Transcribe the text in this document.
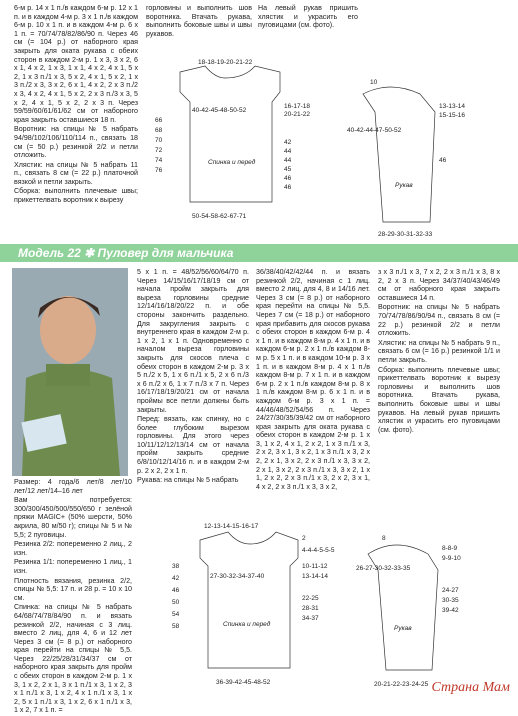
6-м р. 14 х 1 п./в каждом 6-м р. 12 х 1 п. и в каждом 4-м р. 3 х 1 п./в каждом 6-м р. 10 х 1 п. и в каждом 4-м р. 6 х 1 п. = 70/74/78/82/86/90 п. Через 46 см (= 104 р.) от наборного края закрыть для оката рукава с обеих сторон в каждом 2-м р. 1 х 3, 3 х 2, 6 х 1, 4 х 2, 1 х 3, 1 х 1, 4 х 2, 4 х 1, 5 х 2, 1 х 3 п./1 х 3, 5 х 2, 4 х 1, 5 х 2, 1 х 3 п./2 х 3, 3 х 2, 6 х 1, 4 х 2, 2 х 3 п./2 х 3, 4 х 2, 4 х 1, 5 х 2, 2 х 3 п./3 х 3, 5 х 2, 4 х 1, 5 х 2, 2 х 3 п. Через 59/59/60/61/61/62 см от наборного края закрыть оставшиеся 18 п.

Воротник: на спицы № 5 набрать 94/98/102/106/110/114 п., связать 18 см (= 50 р.) резинкой 2/2 и петли отложить.

Хлястик: на спицы № 5 набрать 11 п., связать 8 см (= 22 р.) платочной вязкой и петли закрыть.

Сборка: выполнить плечевые швы; прикеттелвать воротник к вырезу

горловины и выполнить шов воротника. Втачать рукава, выполнить боковые швы и швы рукавов.

На левый рукав пришить хлястик и украсить его пуговицами (см. фото).

18-18-19-20-21-22
40-42-45-48-50-52
Спинка и перед
50-54-58-62-67-71
66
68
70
72
74
76
16-17-18
20-21-22
42
44
44
45
46
46
10
40-42-44-47-50-52
Рукав
28-29-30-31-32-33
13-13-14
15-15-16
46
Модель 22 ✱ Пуловер для мальчика

Размер: 4 года/6 лет/8 лет/10 лет/12 лет/14–16 лет

Вам потребуется: 300/300/450/500/550/650 г зелёной пряжи MAGIC+ (50% шерсти, 50% акрила, 80 м/50 г); спицы № 5 и № 5,5; 2 пуговицы.

Резинка 2/2: попеременно 2 лиц., 2 изн.

Резинка 1/1: попеременно 1 лиц., 1 изн.

Плотность вязания, резинка 2/2, спицы № 5,5: 17 п. и 28 р. = 10 х 10 см.

Спинка: на спицы № 5 набрать 64/68/74/78/84/90 п. и вязать резинкой 2/2, начиная с 3 лиц. вместо 2 лиц, для 4, 6 и 12 лет Через 3 см (= 8 р.) от наборного края перейти на спицы № 5,5. Через 22/25/28/31/34/37 см от наборного края закрыть для пройм с обеих сторон в каждом 2-м р. 1 х 3, 1 х 2, 2 х 1, 3 х 1 п./1 х 3, 1 х 2, 3 х 1 п./1 х 3, 1 х 2, 4 х 1 п./1 х 3, 1 х 2, 5 х 1 п./1 х 3, 1 х 2, 6 х 1 п./1 х 3, 1 х 2, 7 х 1 п. =

5 х 1 п. = 48/52/56/60/64/70 п. Через 14/15/16/17/18/19 см от начала пройм закрыть для выреза горловины средние 12/14/16/18/20/22 п. и обе стороны закончить раздельно. Для закругления закрыть с внутреннего края в каждом 2-м р. 1 х 2, 1 х 1 п. Одновременно с началом выреза горловины закрыть для скосов плеча с обеих сторон в каждом 2-м р. 3 х 5 п./2 х 5, 1 х 6 п./1 х 5, 2 х 6 п./3 х 6 п./2 х 6, 1 х 7 п./3 х 7 п. Через 16/17/18/19/20/21 см от начала проймы все петли должны быть закрыты.

Перед: вязать, как спинку, но с более глубоким вырезом горловины. Для этого через 10/11/12/12/13/14 см от начала пройм закрыть средние 6/8/10/12/14/16 п. и в каждом 2-м р. 2 х 2, 2 х 1 п.

Рукава: на спицы № 5 набрать

36/38/40/42/42/44 п. и вязать резинкой 2/2, начиная с 1 лиц. вместо 2 лиц. для 4, 8 и 14/16 лет. Через 3 см (= 8 р.) от наборного края перейти на спицы № 5,5. Через 7 см (= 18 р.) от наборного края прибавить для скосов рукава с обеих сторон в каждом 6-м р. 4 х 1 п. и в каждом 8-м р. 4 х 1 п. и в каждом 6-м р. 2 х 1 п./в каждом 8-м р. 5 х 1 п. и в каждом 10-м р. 3 х 1 п. и в каждом 8-м р. 4 х 1 п./в каждом 8-м р. 7 х 1 п. и в каждом 6-м р. 2 х 1 п./в каждом 8-м р. 8 х 1 п./в каждом 8-м р. 6 х 1 п. и в каждом 6-м р. 3 х 1 п. = 44/46/48/52/54/56 п. Через 24/27/30/35/39/42 см от наборного края закрыть для оката рукава с обеих сторон в каждом 2-м р. 1 х 3, 1 х 2, 4 х 1, 2 х 2, 1 х 3 п./1 х 3, 2 х 2, 3 х 1, 3 х 2, 1 х 3 п./1 х 3, 2 х 2, 2 х 1, 3 х 2, 2 х 3 п./1 х 3, 3 х 2, 2 х 1, 3 х 2, 2 х 3 п./1 х 3, 3 х 2, 1 х 1, 2 х 2, 2 х 3 п./1 х 3, 2 х 2, 3 х 1, 4 х 2, 2 х 3 п./1 х 3, 3 х 2,

з х 3 п./1 х 3, 7 х 2, 2 х 3 п./1 х 3, 8 х 2, 2 х 3 п. Через 34/37/40/43/46/49 см от наборного края закрыть оставшиеся 14 п.

Воротник: на спицы № 5 набрать 70/74/78/86/90/94 п., связать 8 см (= 22 р.) резинкой 2/2 и петли отложить.

Хлястик: на спицы № 5 набрать 9 п., связать 6 см (= 16 р.) резинкой 1/1 и петли закрыть.

Сборка: выполнить плечевые швы; прикеттелвать воротник к вырезу горловины и выполнить шов воротника. Втачать рукава, выполнить боковые швы и швы рукавов. На левый рукав пришить хлястик и украсить его пуговицами (см. фото).

12-13-14-15-16-17
27-30-32-34-37-40
Спинка и перед
36-39-42-45-48-52
38
42
46
50
54
58
2
4-4-4-5-5-5
10-11-12
13-14-14
22-25
28-31
34-37
8
26-27-30-32-33-35
Рукав
20-21-22-23-24-25
8-8-9
9-9-10
24-27
30-35
39-42
Страна Мам
